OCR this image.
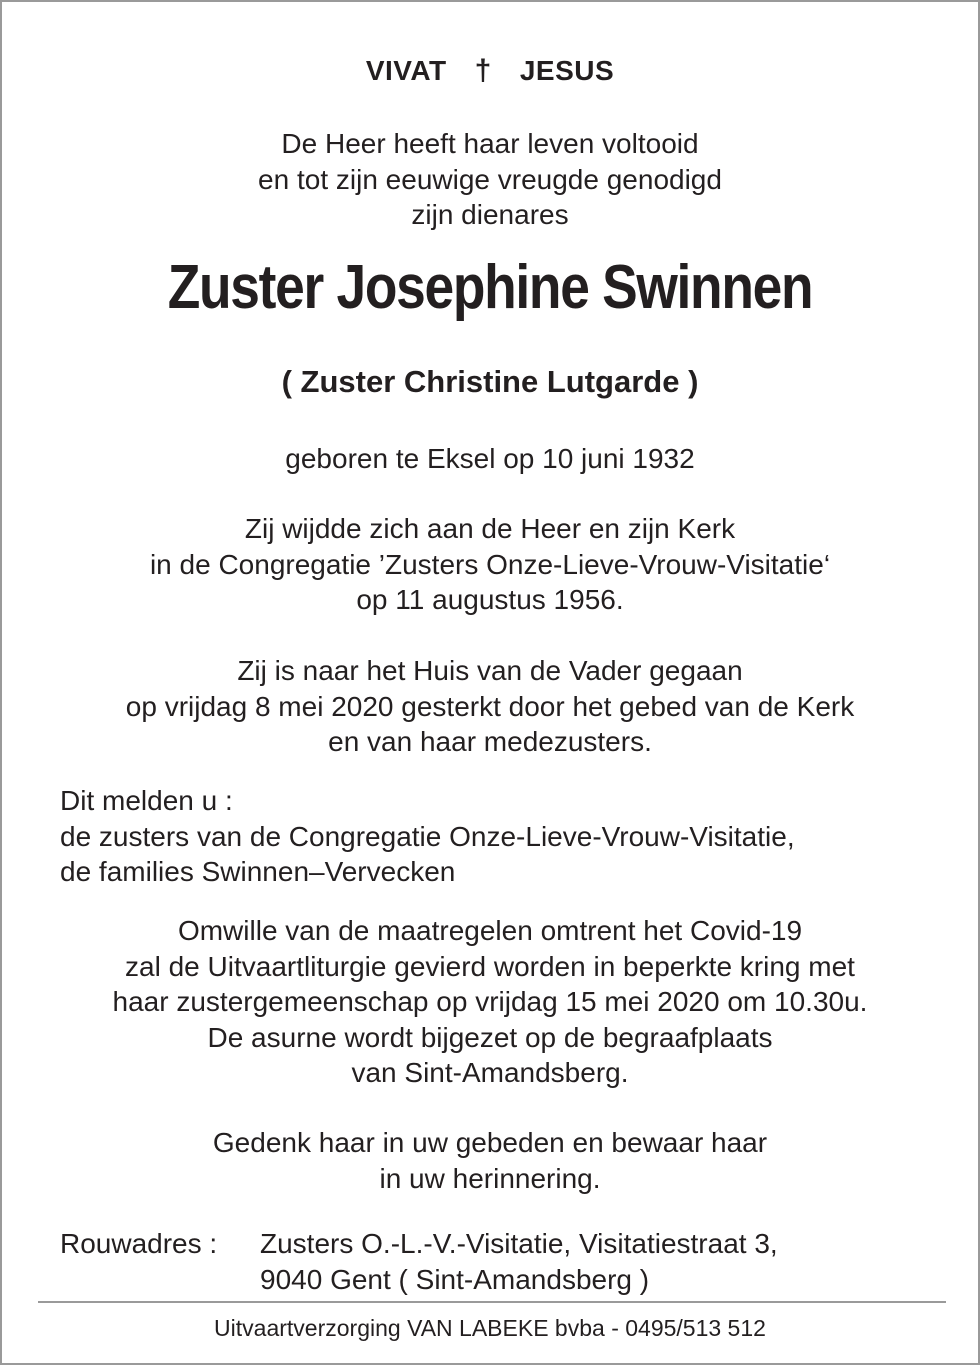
VIVAT † JESUS
De Heer heeft haar leven voltooid
en tot zijn eeuwige vreugde genodigd
zijn dienares
Zuster Josephine Swinnen
( Zuster Christine Lutgarde )
geboren te Eksel op 10 juni 1932
Zij wijdde zich aan de Heer en zijn Kerk
in de Congregatie ’Zusters Onze-Lieve-Vrouw-Visitatie‘
op 11 augustus 1956.
Zij is naar het Huis van de Vader gegaan
op vrijdag 8 mei 2020 gesterkt door het gebed van de Kerk
en van haar medezusters.
Dit melden u :
de zusters van de Congregatie Onze-Lieve-Vrouw-Visitatie,
de families Swinnen–Vervecken
Omwille van de maatregelen omtrent het Covid-19
zal de Uitvaartliturgie gevierd worden in beperkte kring met
haar zustergemeenschap op vrijdag 15 mei 2020 om 10.30u.
De asurne wordt bijgezet op de begraafplaats
van Sint-Amandsberg.
Gedenk haar in uw gebeden en bewaar haar
in uw herinnering.
Rouwadres : Zusters O.-L.-V.-Visitatie, Visitatiestraat 3,
9040 Gent ( Sint-Amandsberg )
Uitvaartverzorging VAN LABEKE bvba - 0495/513 512
